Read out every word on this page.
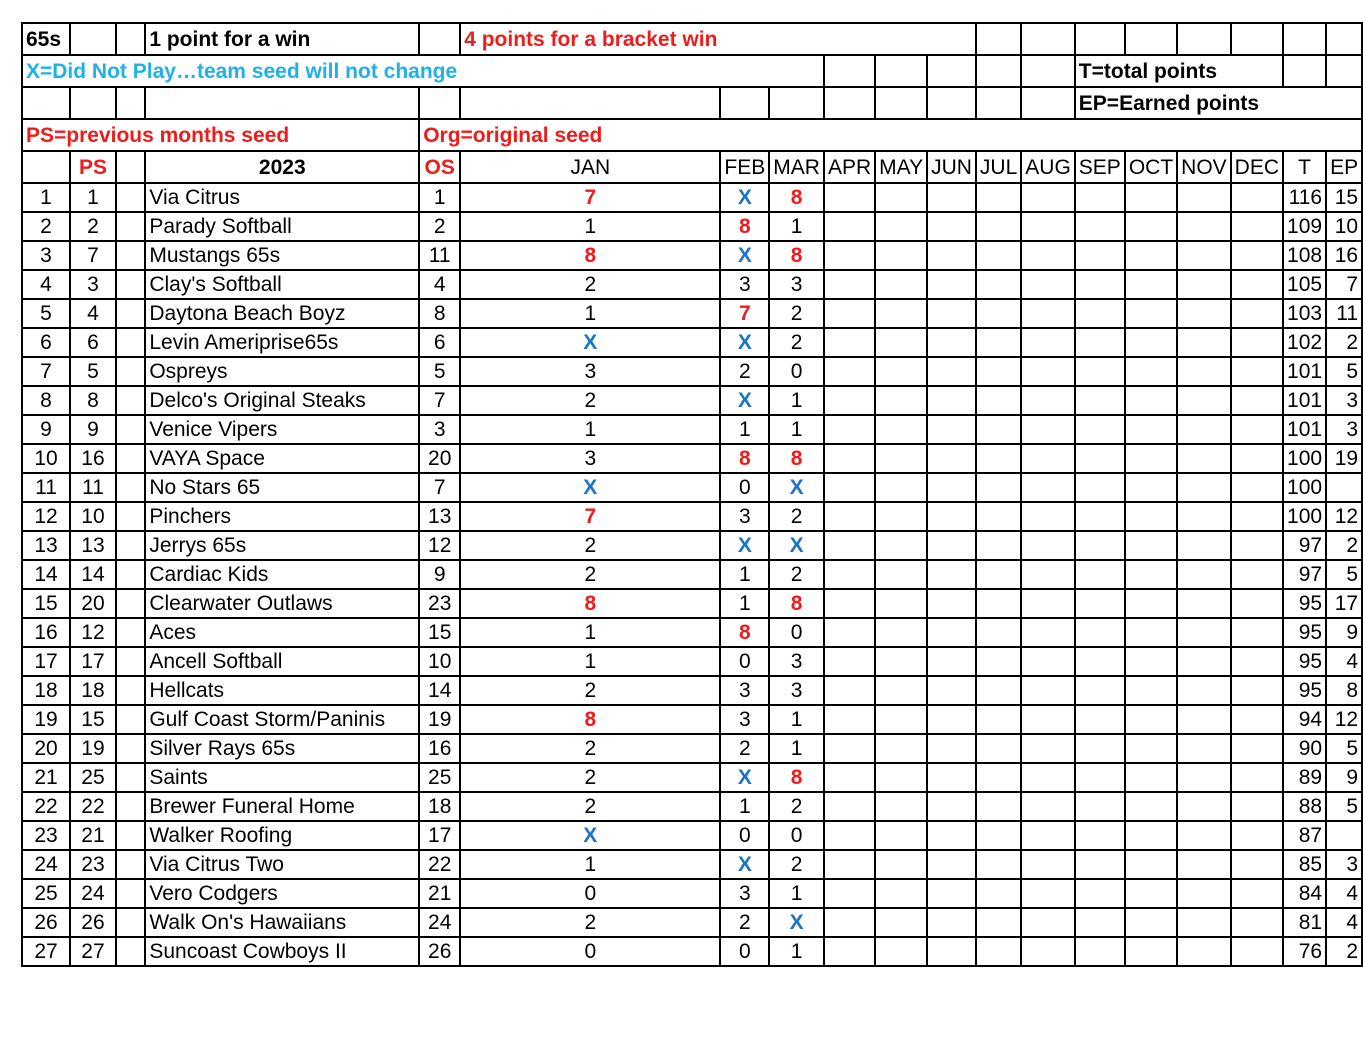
65s			1 point for a win		4 points for a bracket win													
X=Did Not Play…team seed will not change													T=total points					
													EP=Earned points					
PS=previous months seed				Org=original seed														
	PS		2023	OS	JAN	FEB	MAR	APR	MAY	JUN	JUL	AUG	SEP	OCT	NOV	DEC	T	EP
1	1		Via Citrus	1	7	X	8										116	15
2	2		Parady Softball	2	1	8	1										109	10
3	7		Mustangs 65s	11	8	X	8										108	16
4	3		Clay's Softball	4	2	3	3										105	7
5	4		Daytona Beach Boyz	8	1	7	2										103	11
6	6		Levin Ameriprise65s	6	X	X	2										102	2
7	5		Ospreys	5	3	2	0										101	5
8	8		Delco's Original Steaks	7	2	X	1										101	3
9	9		Venice Vipers	3	1	1	1										101	3
10	16		VAYA Space	20	3	8	8										100	19
11	11		No Stars 65	7	X	0	X										100	
12	10		Pinchers	13	7	3	2										100	12
13	13		Jerrys 65s	12	2	X	X										97	2
14	14		Cardiac Kids	9	2	1	2										97	5
15	20		Clearwater Outlaws	23	8	1	8										95	17
16	12		Aces	15	1	8	0										95	9
17	17		Ancell Softball	10	1	0	3										95	4
18	18		Hellcats	14	2	3	3										95	8
19	15		Gulf Coast Storm/Paninis	19	8	3	1										94	12
20	19		Silver Rays 65s	16	2	2	1										90	5
21	25		Saints	25	2	X	8										89	9
22	22		Brewer Funeral Home	18	2	1	2										88	5
23	21		Walker Roofing	17	X	0	0										87	
24	23		Via Citrus Two	22	1	X	2										85	3
25	24		Vero Codgers	21	0	3	1										84	4
26	26		Walk On's Hawaiians	24	2	2	X										81	4
27	27		Suncoast Cowboys II	26	0	0	1										76	2
